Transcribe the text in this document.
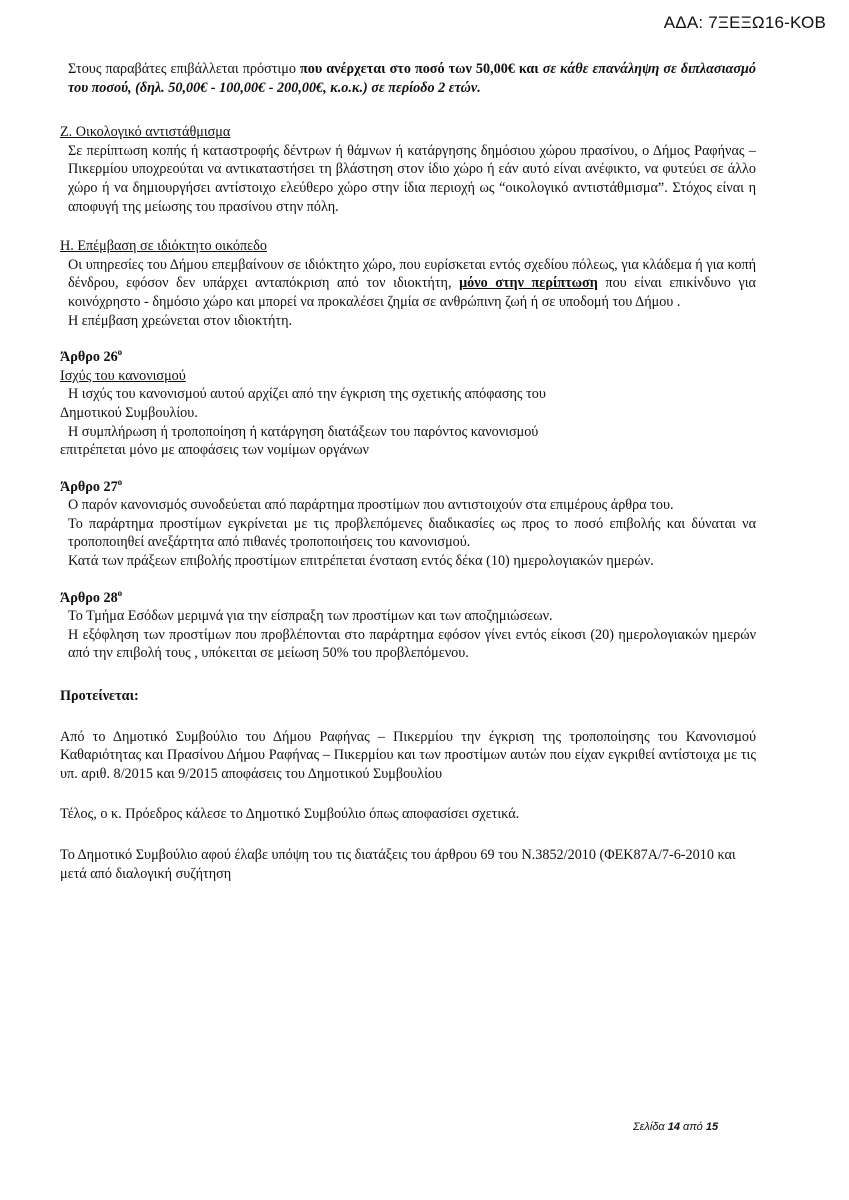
ΑΔΑ: 7ΞΕΞΩ16-ΚΟΒ

Στους παραβάτες επιβάλλεται πρόστιμο που ανέρχεται στο ποσό των 50,00€ και σε κάθε επανάληψη σε διπλασιασμό του ποσού, (δηλ. 50,00€ - 100,00€ - 200,00€, κ.ο.κ.) σε περίοδο 2 ετών.

Ζ. Οικολογικό αντιστάθμισμα

Σε περίπτωση κοπής ή καταστροφής δέντρων ή θάμνων ή κατάργησης δημόσιου χώρου πρασίνου, ο Δήμος Ραφήνας – Πικερμίου υποχρεούται να αντικαταστήσει τη βλάστηση στον ίδιο χώρο ή εάν αυτό είναι ανέφικτο, να φυτεύει σε άλλο χώρο ή να δημιουργήσει αντίστοιχο ελεύθερο χώρο στην ίδια περιοχή ως “οικολογικό αντιστάθμισμα”. Στόχος είναι η αποφυγή της μείωσης του πρασίνου στην πόλη.

Η. Επέμβαση σε ιδιόκτητο οικόπεδο

Οι υπηρεσίες του Δήμου επεμβαίνουν σε ιδιόκτητο χώρο, που ευρίσκεται εντός σχεδίου πόλεως, για κλάδεμα ή για κοπή δένδρου, εφόσον δεν υπάρχει ανταπόκριση από τον ιδιοκτήτη, μόνο στην περίπτωση που είναι επικίνδυνο για κοινόχρηστο - δημόσιο χώρο και μπορεί να προκαλέσει ζημία σε ανθρώπινη ζωή ή σε υποδομή του Δήμου .

Η επέμβαση χρεώνεται στον ιδιοκτήτη.

Άρθρο $26^o$

Ισχύς του κανονισμού

Η ισχύς του κανονισμού αυτού αρχίζει από την έγκριση της σχετικής απόφασης του

Δημοτικού Συμβουλίου.

Η συμπλήρωση ή τροποποίηση ή κατάργηση διατάξεων του παρόντος κανονισμού

επιτρέπεται μόνο με αποφάσεις των νομίμων οργάνων

Άρθρο $27^o$

Ο παρόν κανονισμός συνοδεύεται από παράρτημα προστίμων που αντιστοιχούν στα επιμέρους άρθρα του.

Το παράρτημα προστίμων εγκρίνεται με τις προβλεπόμενες διαδικασίες ως προς το ποσό επιβολής και δύναται να τροποποιηθεί ανεξάρτητα από πιθανές τροποποιήσεις του κανονισμού.

Κατά των πράξεων επιβολής προστίμων επιτρέπεται ένσταση εντός δέκα (10) ημερολογιακών ημερών.

Άρθρο $28^o$

Το Τμήμα Εσόδων μεριμνά για την είσπραξη των προστίμων και των αποζημιώσεων.

Η εξόφληση των προστίμων που προβλέπονται στο παράρτημα εφόσον γίνει εντός είκοσι (20) ημερολογιακών ημερών από την επιβολή τους , υπόκειται σε μείωση 50% του προβλεπόμενου.

Προτείνεται:

Από το Δημοτικό Συμβούλιο του Δήμου Ραφήνας – Πικερμίου την έγκριση της τροποποίησης του Κανονισμού Καθαριότητας και Πρασίνου Δήμου Ραφήνας – Πικερμίου και των προστίμων αυτών που είχαν εγκριθεί αντίστοιχα με τις υπ. αριθ. 8/2015 και 9/2015 αποφάσεις του Δημοτικού Συμβουλίου

Τέλος, ο κ. Πρόεδρος κάλεσε το Δημοτικό Συμβούλιο όπως αποφασίσει σχετικά.

Το Δημοτικό Συμβούλιο αφού έλαβε υπόψη του τις διατάξεις του άρθρου 69 του Ν.3852/2010 (ΦΕΚ87Α/7-6-2010 και μετά από διαλογική συζήτηση

Σελίδα 14 από 15
